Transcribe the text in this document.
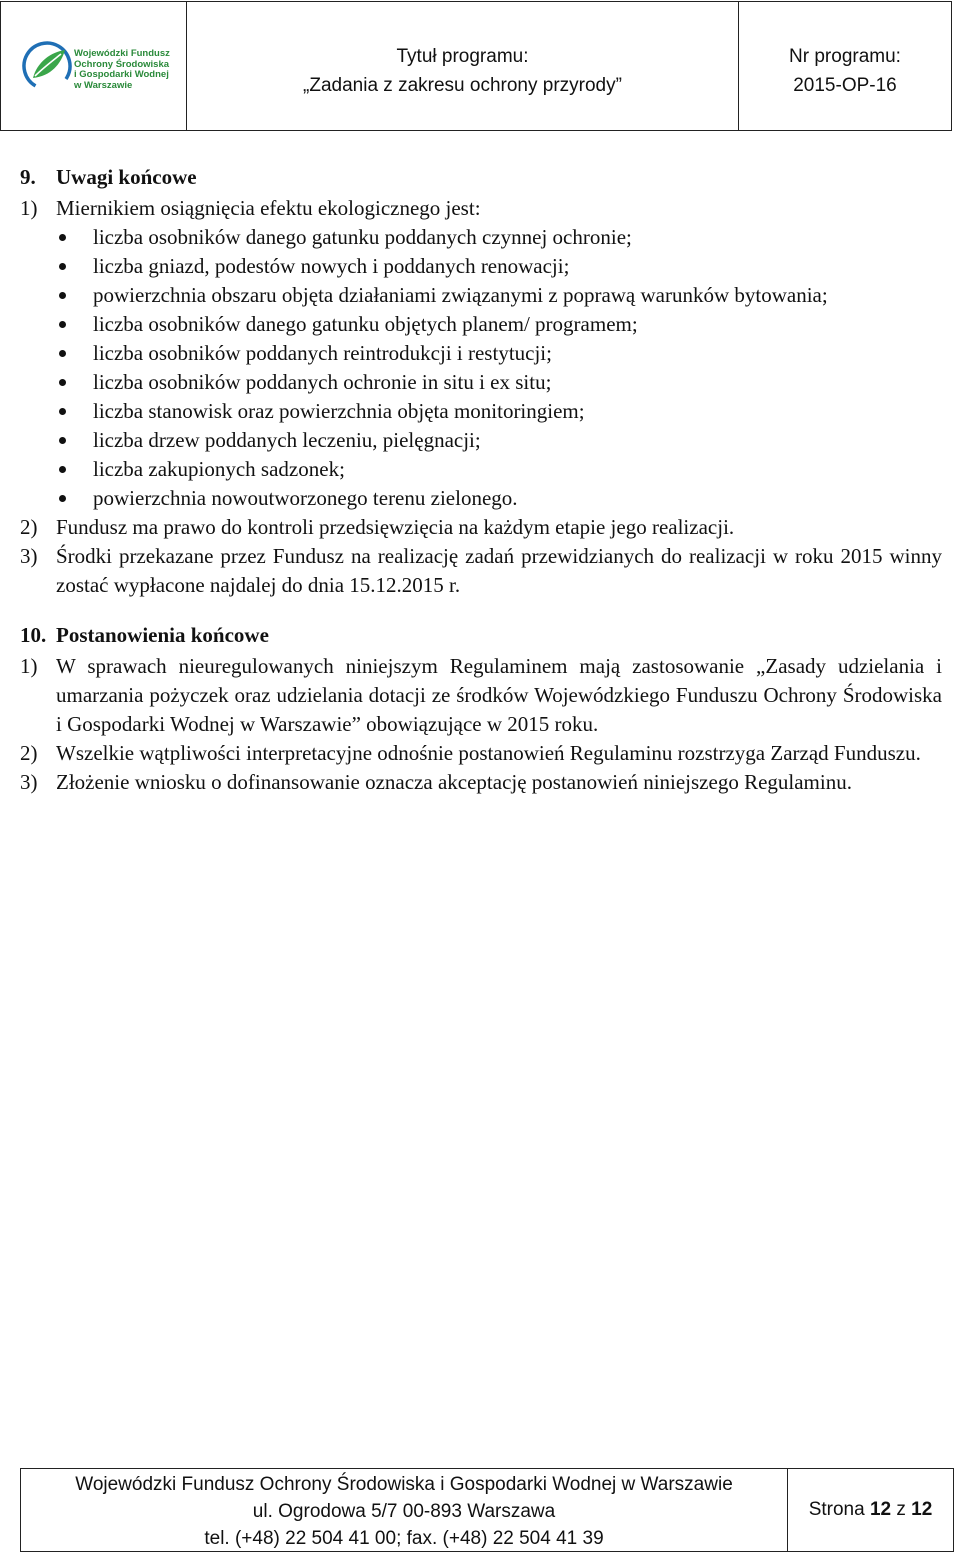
Wojewódzki Fundusz
Ochrony Środowiska
i Gospodarki Wodnej
w Warszawie
Tytuł programu:
„Zadania z zakresu ochrony przyrody”
Nr programu:
2015-OP-16
9. Uwagi końcowe
1) Miernikiem osiągnięcia efektu ekologicznego jest:
liczba osobników danego gatunku poddanych czynnej ochronie;
liczba gniazd, podestów nowych i poddanych renowacji;
powierzchnia obszaru objęta działaniami związanymi z poprawą warunków bytowania;
liczba osobników danego gatunku objętych planem/ programem;
liczba osobników poddanych reintrodukcji i restytucji;
liczba osobników poddanych ochronie in situ i ex situ;
liczba stanowisk oraz powierzchnia objęta monitoringiem;
liczba drzew poddanych leczeniu, pielęgnacji;
liczba zakupionych sadzonek;
powierzchnia nowoutworzonego terenu zielonego.
2) Fundusz ma prawo do kontroli przedsięwzięcia na każdym etapie jego realizacji.
3) Środki przekazane przez Fundusz na realizację zadań przewidzianych do realizacji w roku 2015 winny zostać wypłacone najdalej do dnia 15.12.2015 r.
10. Postanowienia końcowe
1) W sprawach nieuregulowanych niniejszym Regulaminem mają zastosowanie „Zasady udzielania i umarzania pożyczek oraz udzielania dotacji ze środków Wojewódzkiego Funduszu Ochrony Środowiska i Gospodarki Wodnej w Warszawie” obowiązujące w 2015 roku.
2) Wszelkie wątpliwości interpretacyjne odnośnie postanowień Regulaminu rozstrzyga Zarząd Funduszu.
3) Złożenie wniosku o dofinansowanie oznacza akceptację postanowień niniejszego Regulaminu.
Wojewódzki Fundusz Ochrony Środowiska i Gospodarki Wodnej w Warszawie
ul. Ogrodowa 5/7 00-893 Warszawa
tel. (+48) 22 504 41 00; fax. (+48) 22 504 41 39
Strona 12 z 12
